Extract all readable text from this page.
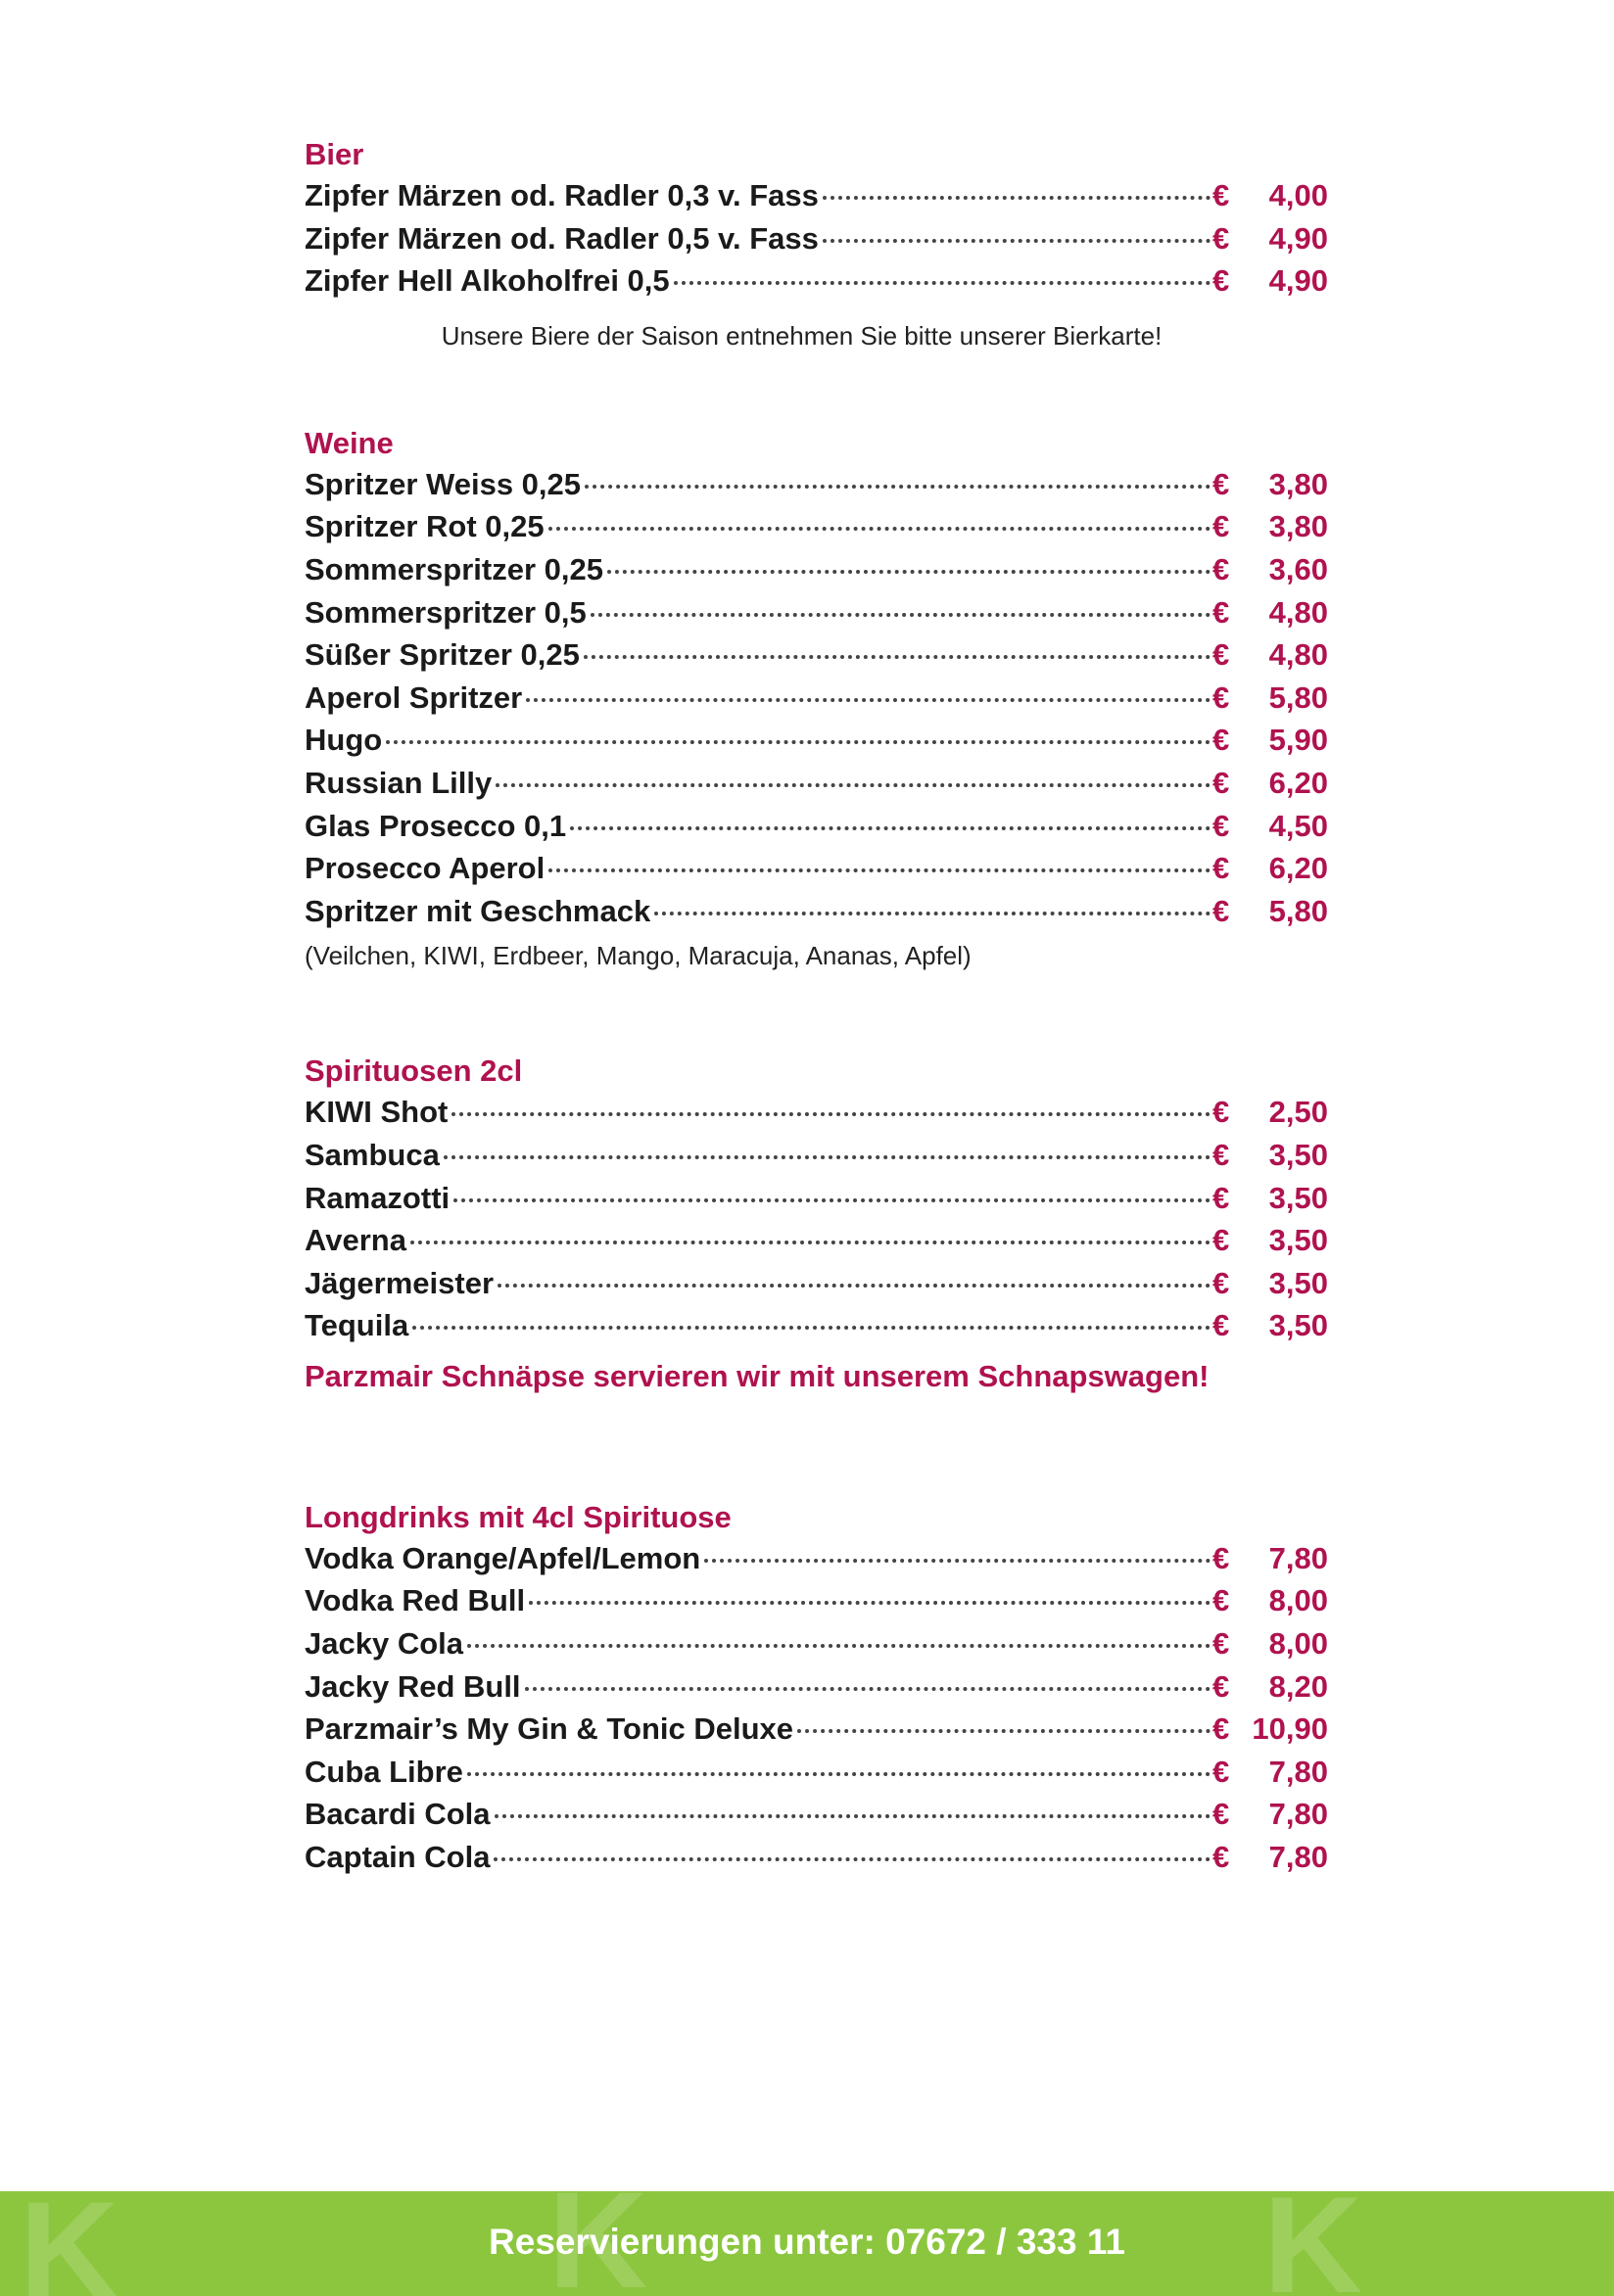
Bier
Zipfer Märzen od. Radler 0,3 v. Fass	€ 4,00
Zipfer Märzen od. Radler 0,5 v. Fass	€ 4,90
Zipfer Hell Alkoholfrei 0,5	€ 4,90
Unsere Biere der Saison entnehmen Sie bitte unserer Bierkarte!
Weine
Spritzer Weiss 0,25	€ 3,80
Spritzer Rot 0,25	€ 3,80
Sommerspritzer 0,25	€ 3,60
Sommerspritzer 0,5	€ 4,80
Süßer Spritzer 0,25	€ 4,80
Aperol Spritzer	€ 5,80
Hugo	€ 5,90
Russian Lilly	€ 6,20
Glas Prosecco 0,1	€ 4,50
Prosecco Aperol	€ 6,20
Spritzer mit Geschmack	€ 5,80
(Veilchen, KIWI, Erdbeer, Mango, Maracuja, Ananas, Apfel)
Spirituosen 2cl
KIWI Shot	€ 2,50
Sambuca	€ 3,50
Ramazotti	€ 3,50
Averna	€ 3,50
Jägermeister	€ 3,50
Tequila	€ 3,50
Parzmair Schnäpse servieren wir mit unserem Schnapswagen!
Longdrinks mit 4cl Spirituose
Vodka Orange/Apfel/Lemon	€ 7,80
Vodka Red Bull	€ 8,00
Jacky Cola	€ 8,00
Jacky Red Bull	€ 8,20
Parzmair’s My Gin & Tonic Deluxe	€ 10,90
Cuba Libre	€ 7,80
Bacardi Cola	€ 7,80
Captain Cola	€ 7,80
K	K	K
Reservierungen unter: 07672 / 333 11
